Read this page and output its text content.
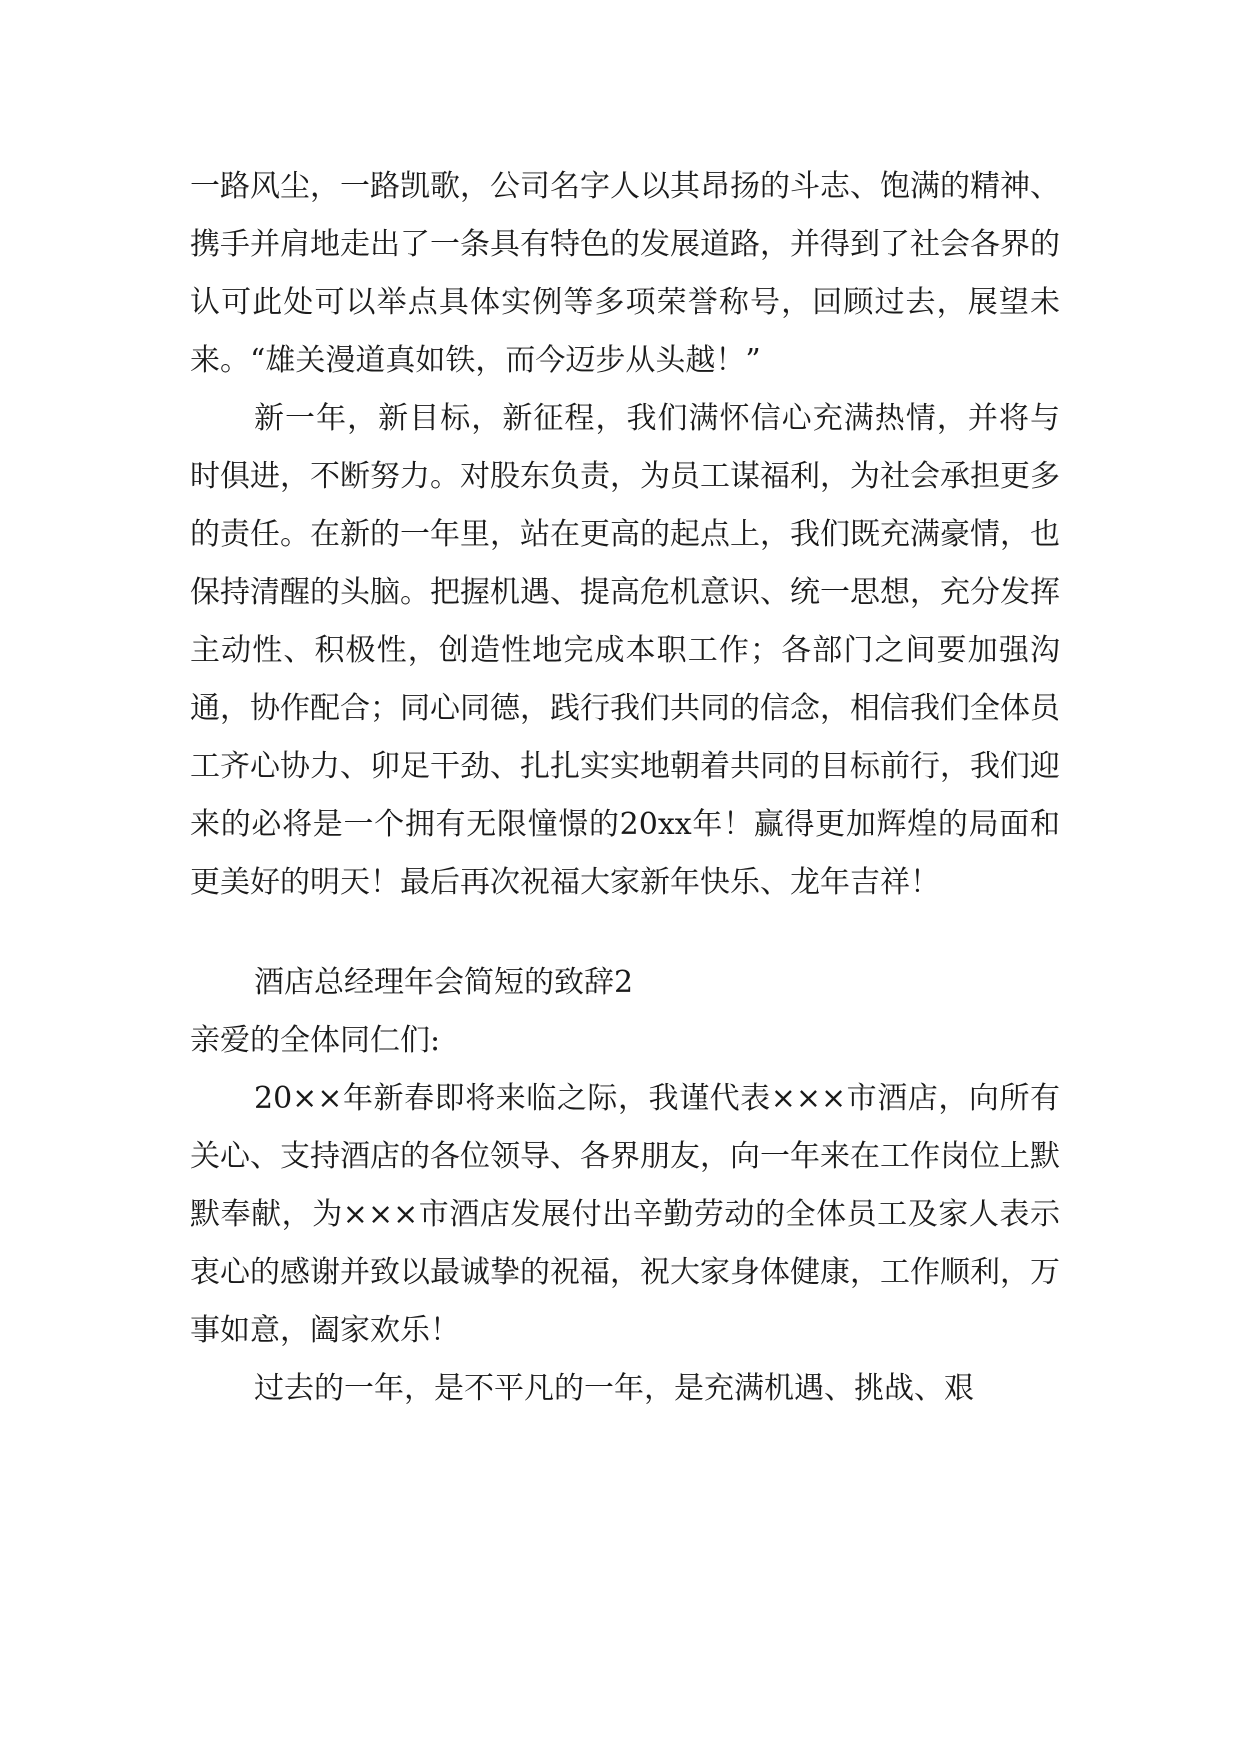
一路风尘，一路凯歌，公司名字人以其昂扬的斗志、饱满的精神、携手并肩地走出了一条具有特色的发展道路，并得到了社会各界的认可此处可以举点具体实例等多项荣誉称号，回顾过去，展望未来。“雄关漫道真如铁，而今迈步从头越！”

新一年，新目标，新征程，我们满怀信心充满热情，并将与时俱进，不断努力。对股东负责，为员工谋福利，为社会承担更多的责任。在新的一年里，站在更高的起点上，我们既充满豪情，也保持清醒的头脑。把握机遇、提高危机意识、统一思想，充分发挥主动性、积极性，创造性地完成本职工作；各部门之间要加强沟通，协作配合；同心同德，践行我们共同的信念，相信我们全体员工齐心协力、卯足干劲、扎扎实实地朝着共同的目标前行，我们迎来的必将是一个拥有无限憧憬的20xx年！赢得更加辉煌的局面和更美好的明天！最后再次祝福大家新年快乐、龙年吉祥！

酒店总经理年会简短的致辞2

亲爱的全体同仁们:

20××年新春即将来临之际，我谨代表×××市酒店，向所有关心、支持酒店的各位领导、各界朋友，向一年来在工作岗位上默默奉献，为×××市酒店发展付出辛勤劳动的全体员工及家人表示衷心的感谢并致以最诚挚的祝福，祝大家身体健康，工作顺利，万事如意，阖家欢乐！

过去的一年，是不平凡的一年，是充满机遇、挑战、艰
